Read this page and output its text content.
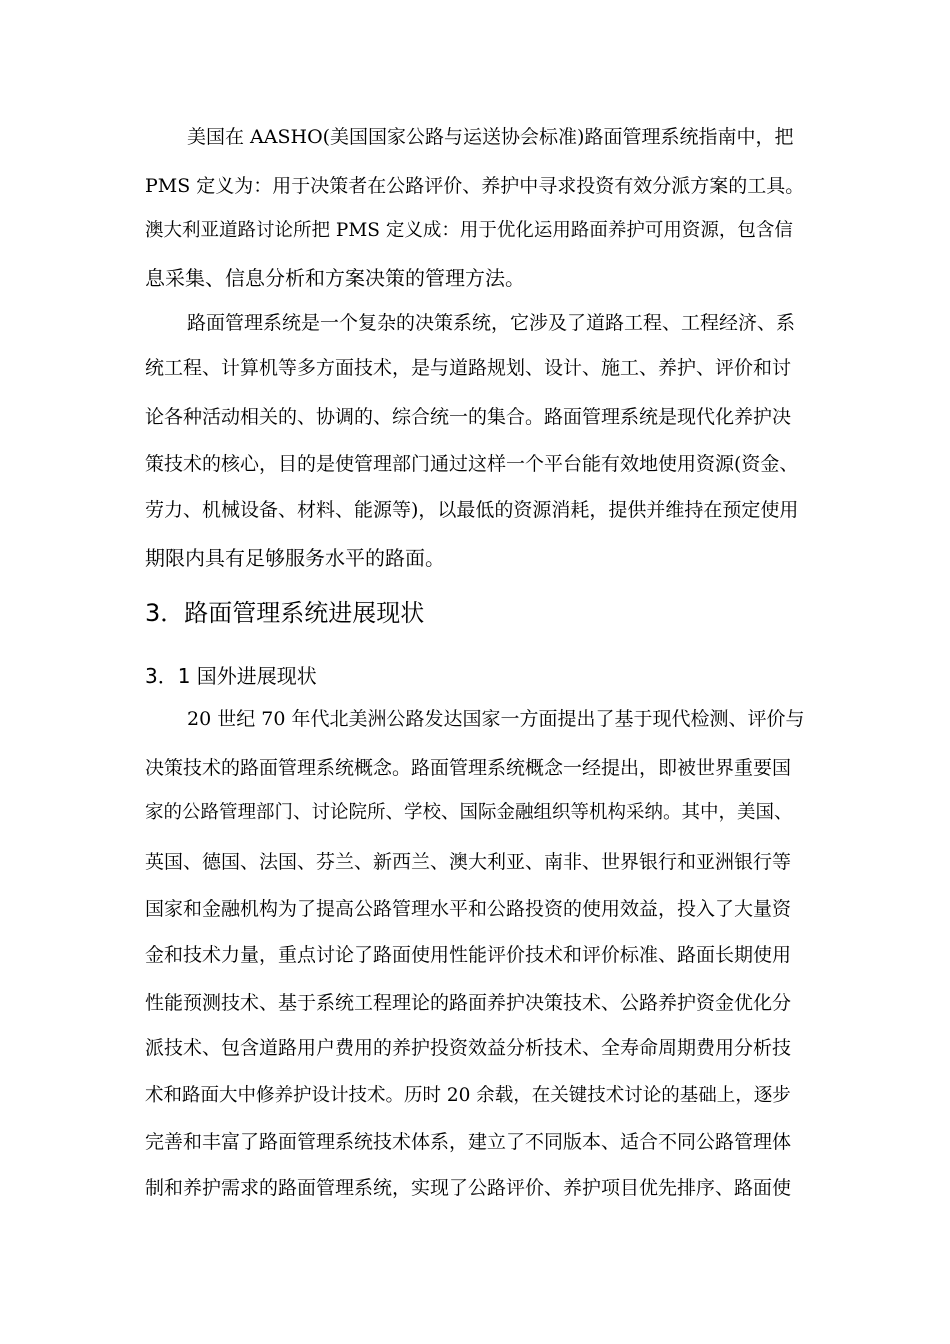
美国在 AASHO(美国国家公路与运送协会标准)路面管理系统指南中，把
PMS 定义为：用于决策者在公路评价、养护中寻求投资有效分派方案的工具。
澳大利亚道路讨论所把 PMS 定义成：用于优化运用路面养护可用资源，包含信
息采集、信息分析和方案决策的管理方法。
路面管理系统是一个复杂的决策系统，它涉及了道路工程、工程经济、系
统工程、计算机等多方面技术，是与道路规划、设计、施工、养护、评价和讨
论各种活动相关的、协调的、综合统一的集合。路面管理系统是现代化养护决
策技术的核心，目的是使管理部门通过这样一个平台能有效地使用资源(资金、
劳力、机械设备、材料、能源等)，以最低的资源消耗，提供并维持在预定使用
期限内具有足够服务水平的路面。
3．路面管理系统进展现状
3．1 国外进展现状
20 世纪 70 年代北美洲公路发达国家一方面提出了基于现代检测、评价与
决策技术的路面管理系统概念。路面管理系统概念一经提出，即被世界重要国
家的公路管理部门、讨论院所、学校、国际金融组织等机构采纳。其中，美国、
英国、德国、法国、芬兰、新西兰、澳大利亚、南非、世界银行和亚洲银行等
国家和金融机构为了提高公路管理水平和公路投资的使用效益，投入了大量资
金和技术力量，重点讨论了路面使用性能评价技术和评价标准、路面长期使用
性能预测技术、基于系统工程理论的路面养护决策技术、公路养护资金优化分
派技术、包含道路用户费用的养护投资效益分析技术、全寿命周期费用分析技
术和路面大中修养护设计技术。历时 20 余载，在关键技术讨论的基础上，逐步
完善和丰富了路面管理系统技术体系，建立了不同版本、适合不同公路管理体
制和养护需求的路面管理系统，实现了公路评价、养护项目优先排序、路面使
